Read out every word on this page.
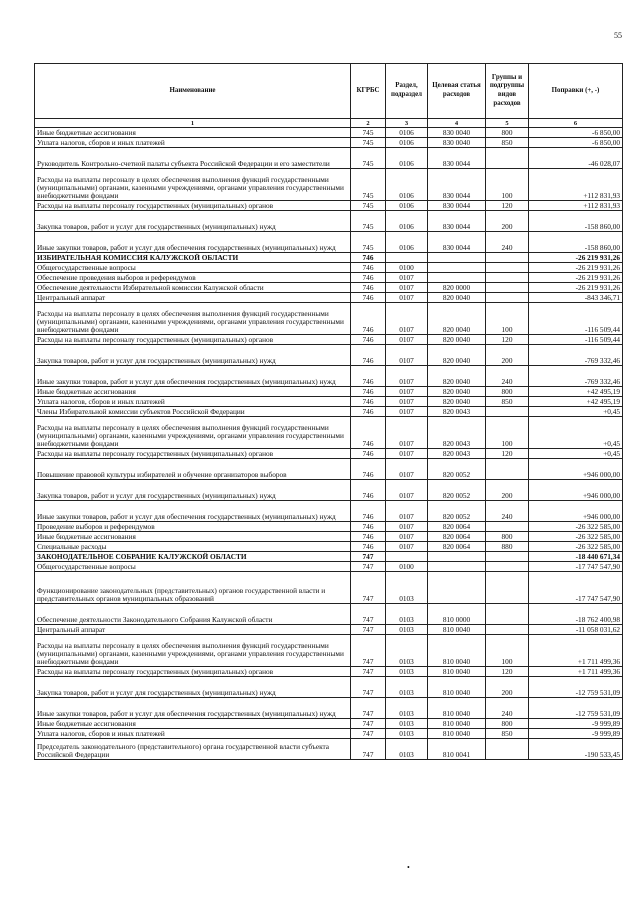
55
Наименование	КГРБС	Раздел, подраздел	Целевая статья расходов	Группы и подгруппы видов расходов	Поправки (+, -)
1	2	3	4	5	6
Иные бюджетные ассигнования	745	0106	830 0040	800	-6 850,00
Уплата налогов, сборов и иных платежей	745	0106	830 0040	850	-6 850,00
Руководитель Контрольно-счетной палаты субъекта Российской Федерации и его заместители	745	0106	830 0044		-46 028,07
Расходы на выплаты персоналу в целях обеспечения выполнения функций государственными (муниципальными) органами, казенными учреждениями, органами управления государственными внебюджетными фондами	745	0106	830 0044	100	+112 831,93
Расходы на выплаты персоналу государственных (муниципальных) органов	745	0106	830 0044	120	+112 831,93
Закупка товаров, работ и услуг для государственных (муниципальных) нужд	745	0106	830 0044	200	-158 860,00
Иные закупки товаров, работ и услуг для обеспечения государственных (муниципальных) нужд	745	0106	830 0044	240	-158 860,00
ИЗБИРАТЕЛЬНАЯ КОМИССИЯ КАЛУЖСКОЙ ОБЛАСТИ	746				-26 219 931,26
Общегосударственные вопросы	746	0100			-26 219 931,26
Обеспечение проведения выборов и референдумов	746	0107			-26 219 931,26
Обеспечение деятельности Избирательной комиссии Калужской области	746	0107	820 0000		-26 219 931,26
Центральный аппарат	746	0107	820 0040		-843 346,71
Расходы на выплаты персоналу в целях обеспечения выполнения функций государственными (муниципальными) органами, казенными учреждениями, органами управления государственными внебюджетными фондами	746	0107	820 0040	100	-116 509,44
Расходы на выплаты персоналу государственных (муниципальных) органов	746	0107	820 0040	120	-116 509,44
Закупка товаров, работ и услуг для государственных (муниципальных) нужд	746	0107	820 0040	200	-769 332,46
Иные закупки товаров, работ и услуг для обеспечения государственных (муниципальных) нужд	746	0107	820 0040	240	-769 332,46
Иные бюджетные ассигнования	746	0107	820 0040	800	+42 495,19
Уплата налогов, сборов и иных платежей	746	0107	820 0040	850	+42 495,19
Члены Избирательной комиссии субъектов Российской Федерации	746	0107	820 0043		+0,45
Расходы на выплаты персоналу в целях обеспечения выполнения функций государственными (муниципальными) органами, казенными учреждениями, органами управления государственными внебюджетными фондами	746	0107	820 0043	100	+0,45
Расходы на выплаты персоналу государственных (муниципальных) органов	746	0107	820 0043	120	+0,45
Повышение правовой культуры избирателей и обучение организаторов выборов	746	0107	820 0052		+946 000,00
Закупка товаров, работ и услуг для государственных (муниципальных) нужд	746	0107	820 0052	200	+946 000,00
Иные закупки товаров, работ и услуг для обеспечения государственных (муниципальных) нужд	746	0107	820 0052	240	+946 000,00
Проведение выборов и референдумов	746	0107	820 0064		-26 322 585,00
Иные бюджетные ассигнования	746	0107	820 0064	800	-26 322 585,00
Специальные расходы	746	0107	820 0064	880	-26 322 585,00
ЗАКОНОДАТЕЛЬНОЕ СОБРАНИЕ КАЛУЖСКОЙ ОБЛАСТИ	747				-18 440 671,34
Общегосударственные вопросы	747	0100			-17 747 547,90
Функционирование законодательных (представительных) органов государственной власти и представительных органов муниципальных образований	747	0103			-17 747 547,90
Обеспечение деятельности Законодательного Собрания Калужской области	747	0103	810 0000		-18 762 400,98
Центральный аппарат	747	0103	810 0040		-11 058 031,62
Расходы на выплаты персоналу в целях обеспечения выполнения функций государственными (муниципальными) органами, казенными учреждениями, органами управления государственными внебюджетными фондами	747	0103	810 0040	100	+1 711 499,36
Расходы на выплаты персоналу государственных (муниципальных) органов	747	0103	810 0040	120	+1 711 499,36
Закупка товаров, работ и услуг для государственных (муниципальных) нужд	747	0103	810 0040	200	-12 759 531,09
Иные закупки товаров, работ и услуг для обеспечения государственных (муниципальных) нужд	747	0103	810 0040	240	-12 759 531,09
Иные бюджетные ассигнования	747	0103	810 0040	800	-9 999,89
Уплата налогов, сборов и иных платежей	747	0103	810 0040	850	-9 999,89
Председатель законодательного (представительного) органа государственной власти субъекта Российской Федерации	747	0103	810 0041		-190 533,45
•
